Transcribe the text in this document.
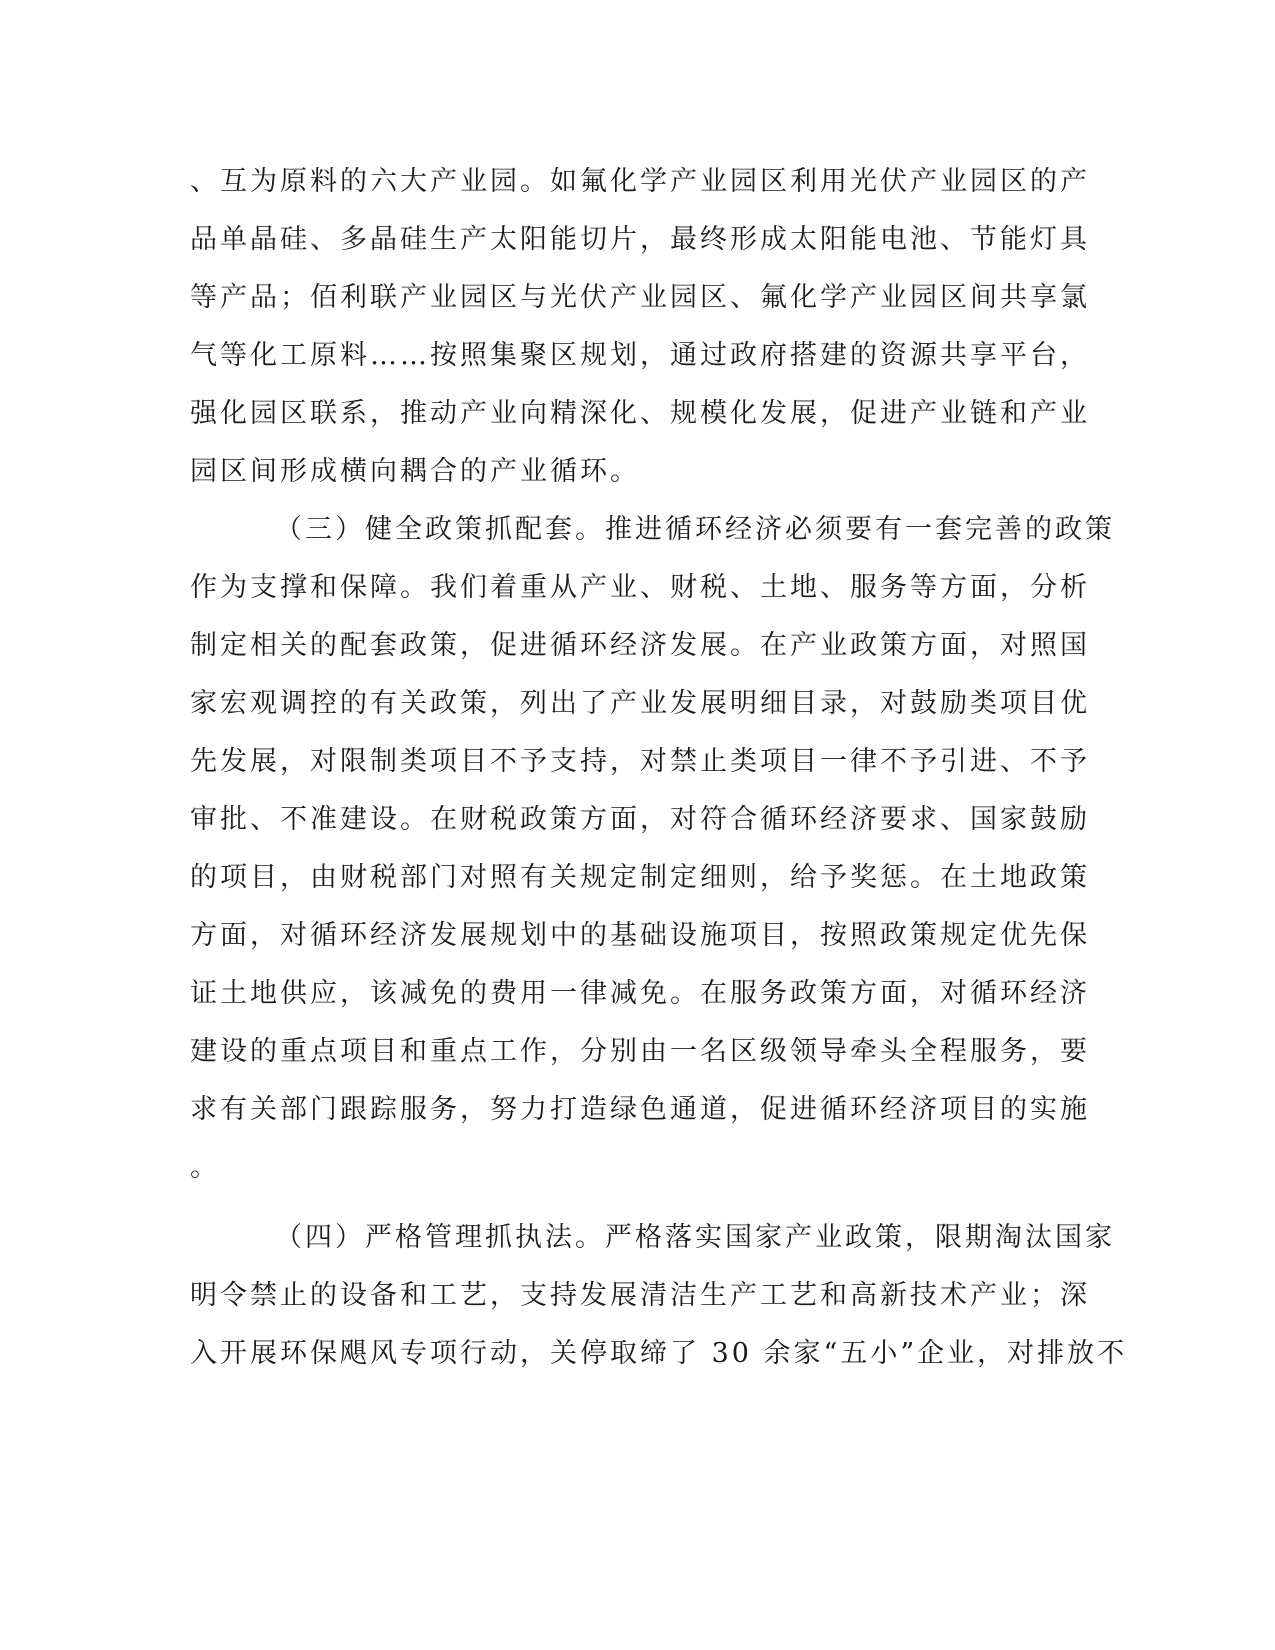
、互为原料的六大产业园。如氟化学产业园区利用光伏产业园区的产
品单晶硅、多晶硅生产太阳能切片，最终形成太阳能电池、节能灯具
等产品；佰利联产业园区与光伏产业园区、氟化学产业园区间共享氯
气等化工原料……按照集聚区规划，通过政府搭建的资源共享平台，
强化园区联系，推动产业向精深化、规模化发展，促进产业链和产业
园区间形成横向耦合的产业循环。
（三）健全政策抓配套。推进循环经济必须要有一套完善的政策
作为支撑和保障。我们着重从产业、财税、土地、服务等方面，分析
制定相关的配套政策，促进循环经济发展。在产业政策方面，对照国
家宏观调控的有关政策，列出了产业发展明细目录，对鼓励类项目优
先发展，对限制类项目不予支持，对禁止类项目一律不予引进、不予
审批、不准建设。在财税政策方面，对符合循环经济要求、国家鼓励
的项目，由财税部门对照有关规定制定细则，给予奖惩。在土地政策
方面，对循环经济发展规划中的基础设施项目，按照政策规定优先保
证土地供应，该减免的费用一律减免。在服务政策方面，对循环经济
建设的重点项目和重点工作，分别由一名区级领导牵头全程服务，要
求有关部门跟踪服务，努力打造绿色通道，促进循环经济项目的实施
。
（四）严格管理抓执法。严格落实国家产业政策，限期淘汰国家
明令禁止的设备和工艺，支持发展清洁生产工艺和高新技术产业；深
入开展环保飓风专项行动，关停取缔了 30 余家“五小”企业，对排放不
